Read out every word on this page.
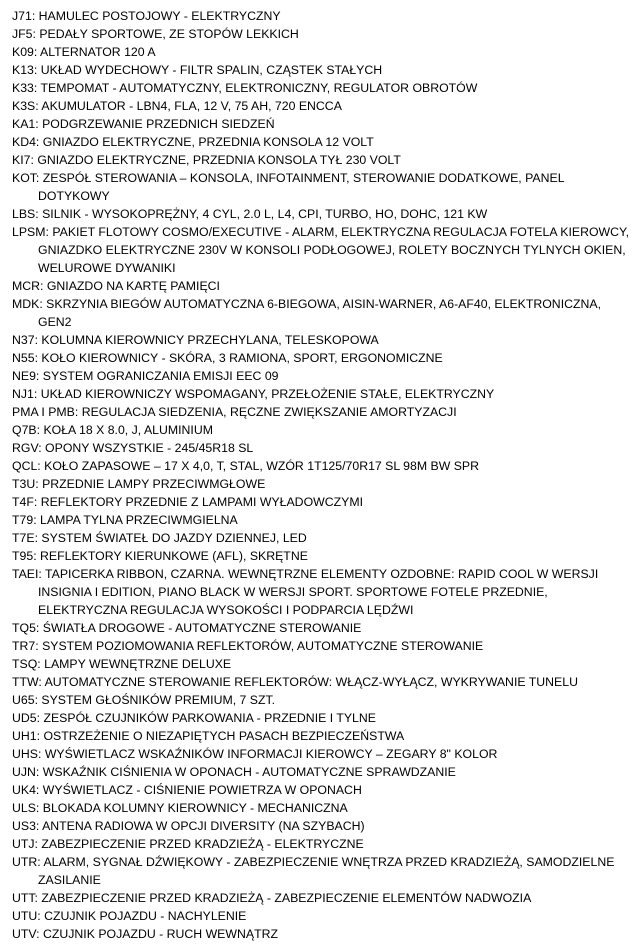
J71 : HAMULEC POSTOJOWY - ELEKTRYCZNY
JF5 : PEDAŁY SPORTOWE, ZE STOPÓW LEKKICH
K09 : ALTERNATOR 120 A
K13 : UKŁAD WYDECHOWY - FILTR SPALIN, CZĄSTEK STAŁYCH
K33 : TEMPOMAT - AUTOMATYCZNY, ELEKTRONICZNY, REGULATOR OBROTÓW
K3S : AKUMULATOR - LBN4, FLA, 12 V, 75 AH, 720 ENCCA
KA1 : PODGRZEWANIE PRZEDNICH SIEDZEŃ
KD4 : GNIAZDO ELEKTRYCZNE, PRZEDNIA KONSOLA 12 VOLT
KI7 : GNIAZDO ELEKTRYCZNE, PRZEDNIA KONSOLA TYŁ 230 VOLT
KOT : ZESPÓŁ STEROWANIA – KONSOLA, INFOTAINMENT, STEROWANIE DODATKOWE, PANEL DOTYKOWY
LBS : SILNIK - WYSOKOPRĘŻNY, 4 CYL, 2.0 L, L4, CPI, TURBO, HO, DOHC, 121 KW
LPSM : PAKIET FLOTOWY COSMO/EXECUTIVE - ALARM, ELEKTRYCZNA REGULACJA FOTELA KIEROWCY, GNIAZDKO ELEKTRYCZNE 230V W KONSOLI PODŁOGOWEJ, ROLETY BOCZNYCH TYLNYCH OKIEN, WELUROWE DYWANIKI
MCR : GNIAZDO NA KARTĘ PAMIĘCI
MDK : SKRZYNIA BIEGÓW AUTOMATYCZNA 6-BIEGOWA, AISIN-WARNER, A6-AF40, ELEKTRONICZNA, GEN2
N37 : KOLUMNA KIEROWNICY PRZECHYLANA, TELESKOPOWA
N55 : KOŁO KIEROWNICY - SKÓRA, 3 RAMIONA, SPORT, ERGONOMICZNE
NE9 : SYSTEM OGRANICZANIA EMISJI EEC 09
NJ1 : UKŁAD KIEROWNICZY WSPOMAGANY, PRZEŁOŻENIE STAŁE, ELEKTRYCZNY
PMA I PMB : REGULACJA SIEDZENIA, RĘCZNE ZWIĘKSZANIE AMORTYZACJI
Q7B : KOŁA 18 X 8.0, J, ALUMINIUM
RGV : OPONY WSZYSTKIE - 245/45R18 SL
QCL : KOŁO ZAPASOWE – 17 X 4,0, T, STAL, WZÓR 1T125/70R17 SL 98M BW SPR
T3U : PRZEDNIE LAMPY PRZECIWMGŁOWE
T4F : REFLEKTORY PRZEDNIE Z LAMPAMI WYŁADOWCZYMI
T79 : LAMPA TYLNA PRZECIWMGIELNA
T7E : SYSTEM ŚWIATEŁ DO JAZDY DZIENNEJ, LED
T95 : REFLEKTORY KIERUNKOWE (AFL), SKRĘTNE
TAEI : TAPICERKA RIBBON, CZARNA. WEWNĘTRZNE ELEMENTY OZDOBNE: RAPID COOL W WERSJI INSIGNIA I EDITION, PIANO BLACK W WERSJI SPORT. SPORTOWE FOTELE PRZEDNIE, ELEKTRYCZNA REGULACJA WYSOKOŚCI I PODPARCIA LĘDŹWI
TQ5 : ŚWIATŁA DROGOWE - AUTOMATYCZNE STEROWANIE
TR7 : SYSTEM POZIOMOWANIA REFLEKTORÓW, AUTOMATYCZNE STEROWANIE
TSQ : LAMPY WEWNĘTRZNE DELUXE
TTW : AUTOMATYCZNE STEROWANIE REFLEKTORÓW: WŁĄCZ-WYŁĄCZ, WYKRYWANIE TUNELU
U65 : SYSTEM GŁOŚNIKÓW PREMIUM, 7 SZT.
UD5 : ZESPÓŁ CZUJNIKÓW PARKOWANIA - PRZEDNIE I TYLNE
UH1 : OSTRZEŻENIE O NIEZAPIĘTYCH PASACH BEZPIECZEŃSTWA
UHS : WYŚWIETLACZ WSKAŹNIKÓW INFORMACJI KIEROWCY – ZEGARY 8" KOLOR
UJN : WSKAŹNIK CIŚNIENIA W OPONACH - AUTOMATYCZNE SPRAWDZANIE
UK4 : WYŚWIETLACZ - CIŚNIENIE POWIETRZA W OPONACH
ULS : BLOKADA KOLUMNY KIEROWNICY - MECHANICZNA
US3 : ANTENA RADIOWA W OPCJI DIVERSITY (NA SZYBACH)
UTJ : ZABEZPIECZENIE PRZED KRADZIEŻĄ - ELEKTRYCZNE
UTR : ALARM, SYGNAŁ DŹWIĘKOWY - ZABEZPIECZENIE WNĘTRZA PRZED KRADZIEŻĄ, SAMODZIELNE ZASILANIE
UTT : ZABEZPIECZENIE PRZED KRADZIEŻĄ - ZABEZPIECZENIE ELEMENTÓW NADWOZIA
UTU : CZUJNIK POJAZDU - NACHYLENIE
UTV : CZUJNIK POJAZDU - RUCH WEWNĄTRZ
